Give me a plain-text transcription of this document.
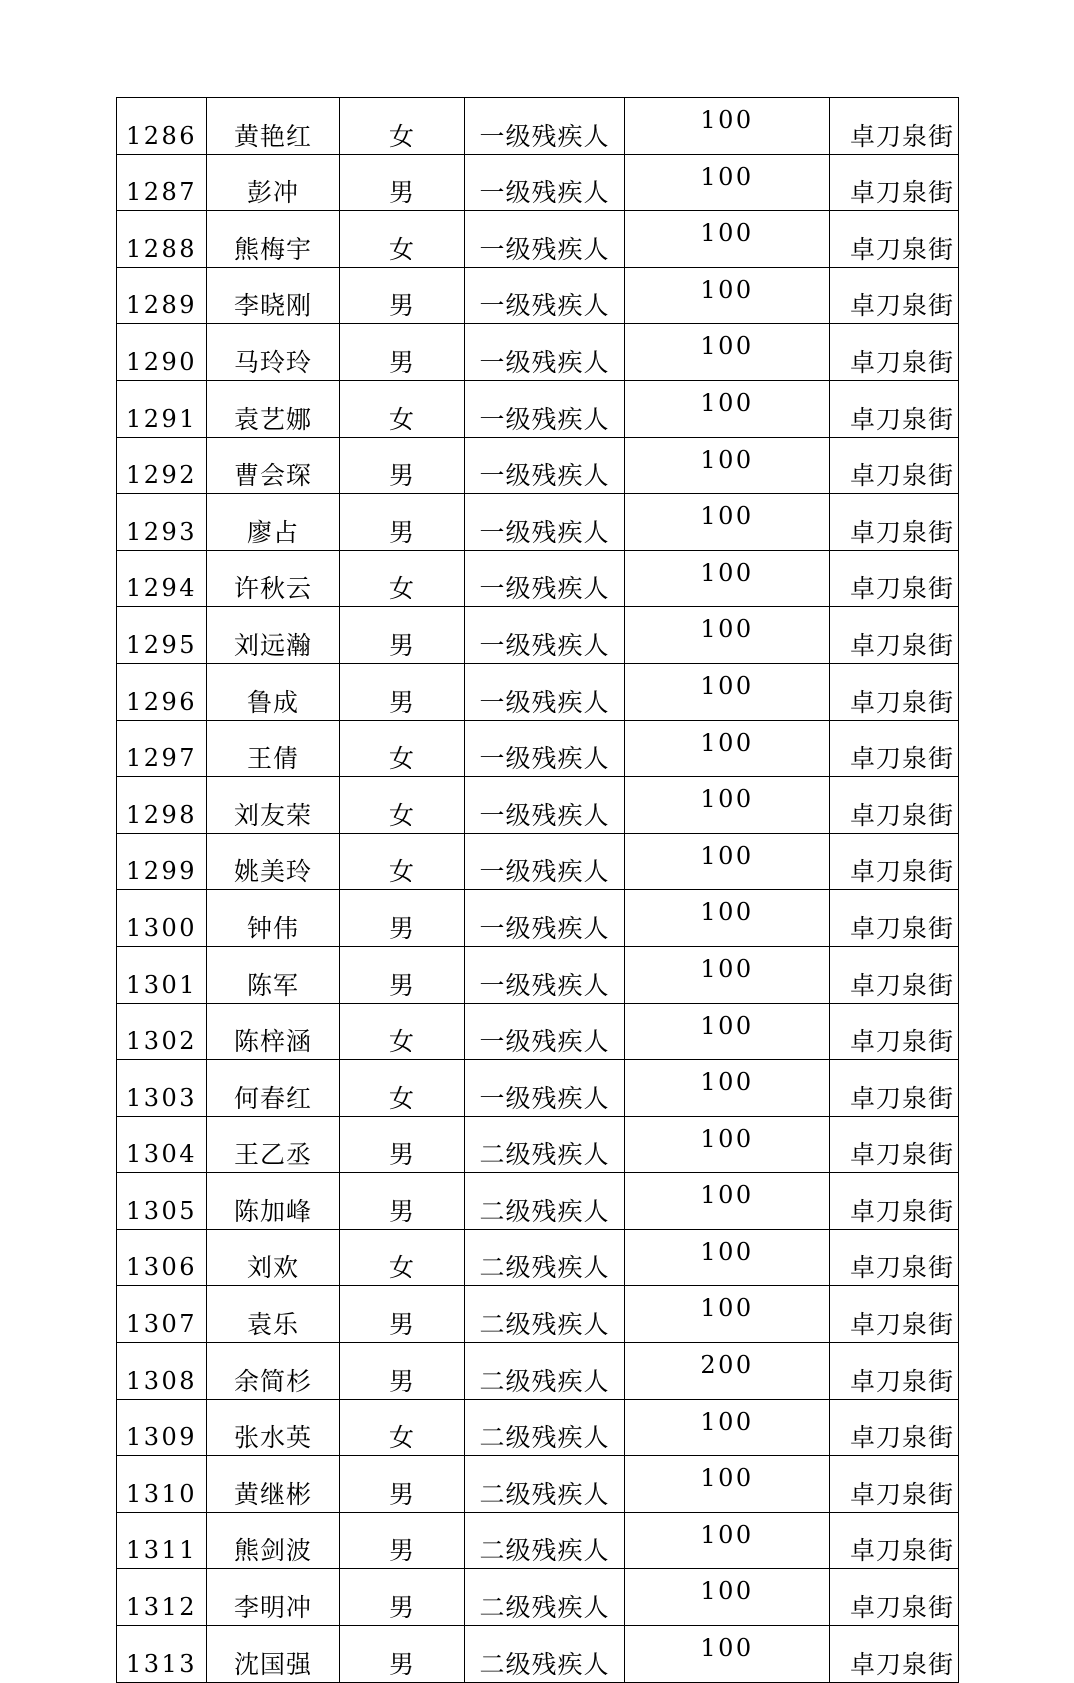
1286	黄艳红	女	一级残疾人	100	卓刀泉街
1287	彭冲	男	一级残疾人	100	卓刀泉街
1288	熊梅宇	女	一级残疾人	100	卓刀泉街
1289	李晓刚	男	一级残疾人	100	卓刀泉街
1290	马玲玲	男	一级残疾人	100	卓刀泉街
1291	袁艺娜	女	一级残疾人	100	卓刀泉街
1292	曹会琛	男	一级残疾人	100	卓刀泉街
1293	廖占	男	一级残疾人	100	卓刀泉街
1294	许秋云	女	一级残疾人	100	卓刀泉街
1295	刘远瀚	男	一级残疾人	100	卓刀泉街
1296	鲁成	男	一级残疾人	100	卓刀泉街
1297	王倩	女	一级残疾人	100	卓刀泉街
1298	刘友荣	女	一级残疾人	100	卓刀泉街
1299	姚美玲	女	一级残疾人	100	卓刀泉街
1300	钟伟	男	一级残疾人	100	卓刀泉街
1301	陈军	男	一级残疾人	100	卓刀泉街
1302	陈梓涵	女	一级残疾人	100	卓刀泉街
1303	何春红	女	一级残疾人	100	卓刀泉街
1304	王乙丞	男	二级残疾人	100	卓刀泉街
1305	陈加峰	男	二级残疾人	100	卓刀泉街
1306	刘欢	女	二级残疾人	100	卓刀泉街
1307	袁乐	男	二级残疾人	100	卓刀泉街
1308	余简杉	男	二级残疾人	200	卓刀泉街
1309	张水英	女	二级残疾人	100	卓刀泉街
1310	黄继彬	男	二级残疾人	100	卓刀泉街
1311	熊剑波	男	二级残疾人	100	卓刀泉街
1312	李明冲	男	二级残疾人	100	卓刀泉街
1313	沈国强	男	二级残疾人	100	卓刀泉街
